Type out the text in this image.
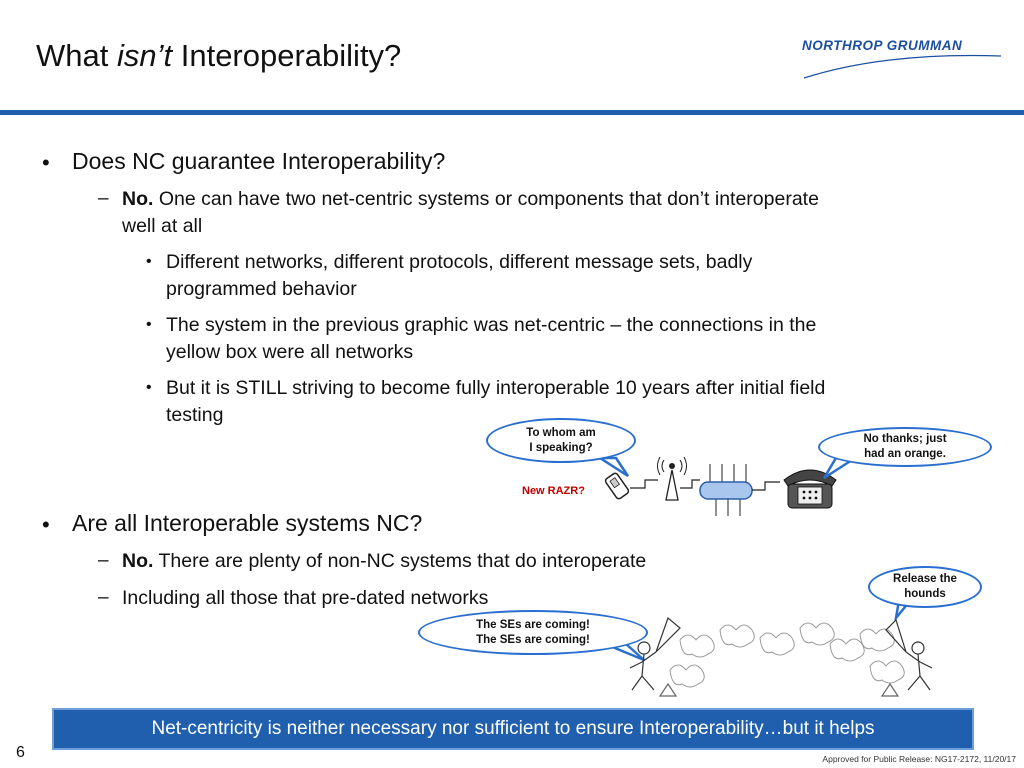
What isn’t Interoperability?	NORTHROP GRUMMAN
• Does NC guarantee Interoperability?
– No. One can have two net-centric systems or components that don’t interoperate
well at all
• Different networks, different protocols, different message sets, badly
programmed behavior
• The system in the previous graphic was net-centric – the connections in the
yellow box were all networks
• But it is STILL striving to become fully interoperable 10 years after initial field
testing
• Are all Interoperable systems NC?
– No. There are plenty of non-NC systems that do interoperate
– Including all those that pre-dated networks
To whom am
I speaking?
No thanks; just
had an orange.
Release the
hounds
The SEs are coming!
The SEs are coming!
New RAZR?
Net-centricity is neither necessary nor sufficient to ensure Interoperability…but it helps
6	Approved for Public Release: NG17-2172, 11/20/17
